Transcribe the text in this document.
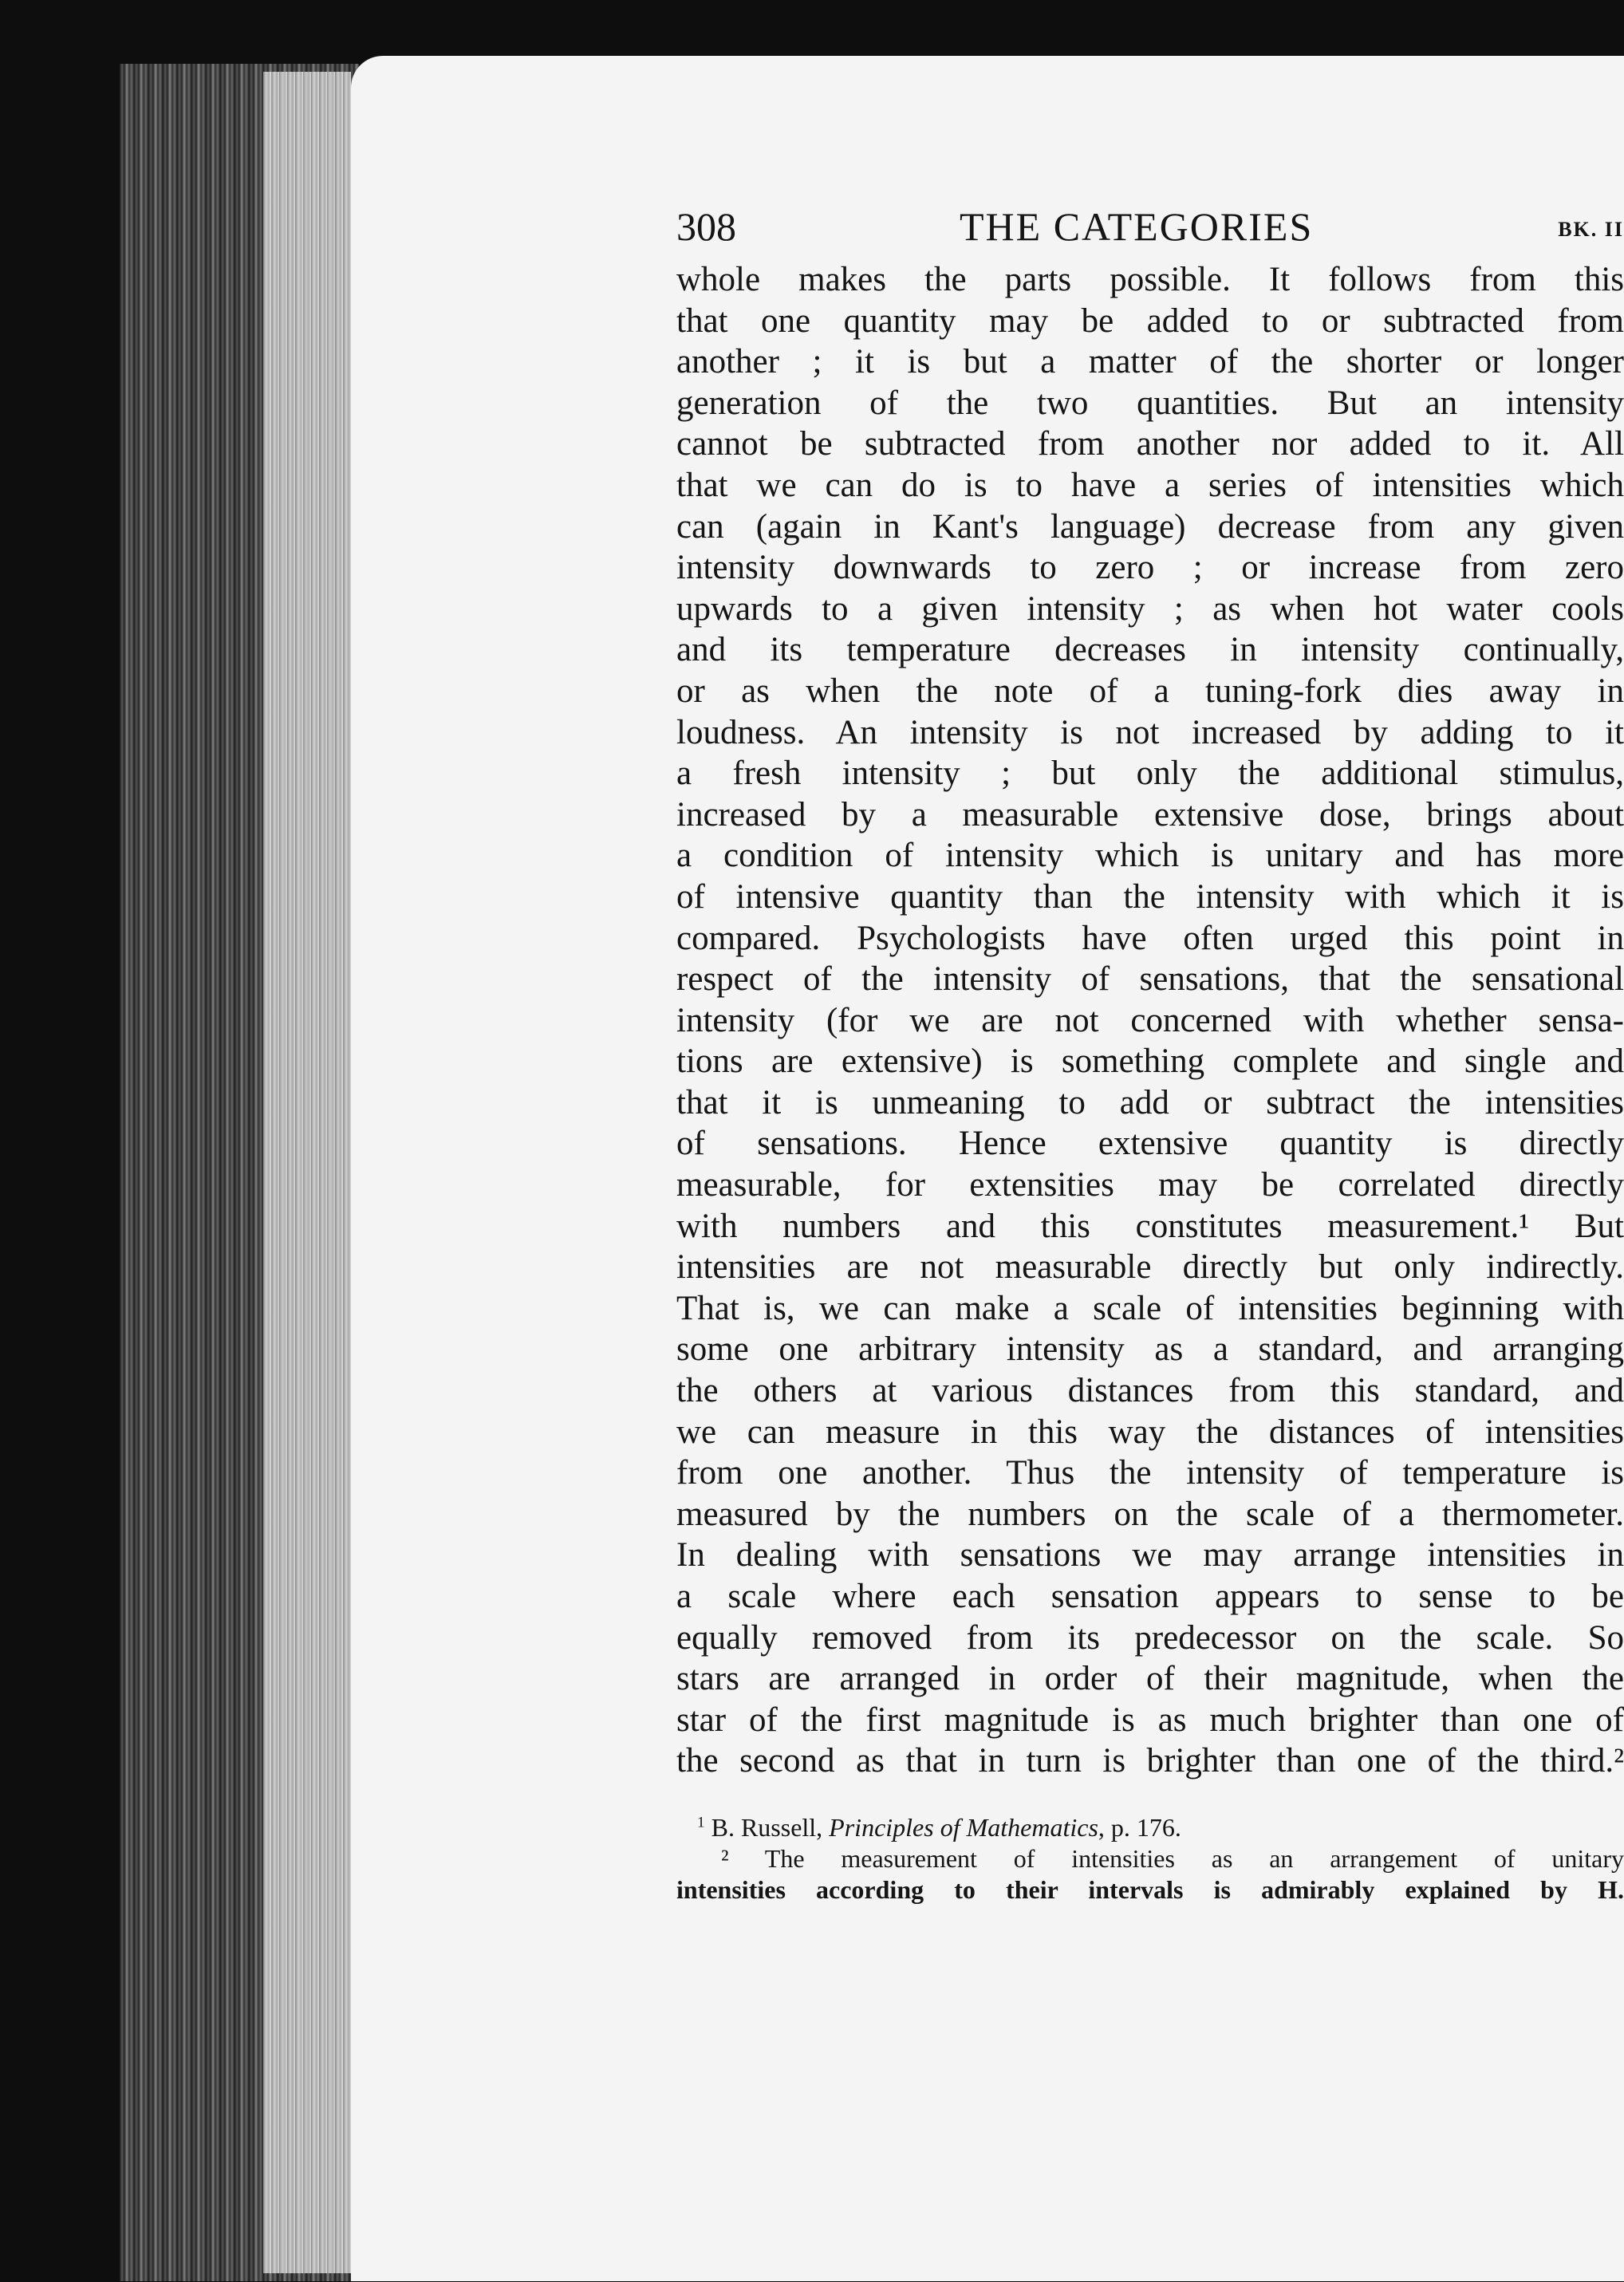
308	THE CATEGORIES	BK. II
whole makes the parts possible. It follows from this
that one quantity may be added to or subtracted from
another ; it is but a matter of the shorter or longer
generation of the two quantities. But an intensity
cannot be subtracted from another nor added to it. All
that we can do is to have a series of intensities which
can (again in Kant's language) decrease from any given
intensity downwards to zero ; or increase from zero
upwards to a given intensity ; as when hot water cools
and its temperature decreases in intensity continually,
or as when the note of a tuning-fork dies away in
loudness. An intensity is not increased by adding to it
a fresh intensity ; but only the additional stimulus,
increased by a measurable extensive dose, brings about
a condition of intensity which is unitary and has more
of intensive quantity than the intensity with which it is
compared. Psychologists have often urged this point in
respect of the intensity of sensations, that the sensational
intensity (for we are not concerned with whether sensa-
tions are extensive) is something complete and single and
that it is unmeaning to add or subtract the intensities
of sensations. Hence extensive quantity is directly
measurable, for extensities may be correlated directly
with numbers and this constitutes measurement.¹ But
intensities are not measurable directly but only indirectly.
That is, we can make a scale of intensities beginning with
some one arbitrary intensity as a standard, and arranging
the others at various distances from this standard, and
we can measure in this way the distances of intensities
from one another. Thus the intensity of temperature is
measured by the numbers on the scale of a thermometer.
In dealing with sensations we may arrange intensities in
a scale where each sensation appears to sense to be
equally removed from its predecessor on the scale. So
stars are arranged in order of their magnitude, when the
star of the first magnitude is as much brighter than one of
the second as that in turn is brighter than one of the third.²
$^1$ B. Russell, Principles of Mathematics, p. 176.
² The measurement of intensities as an arrangement of unitary
intensities according to their intervals is admirably explained by H.
